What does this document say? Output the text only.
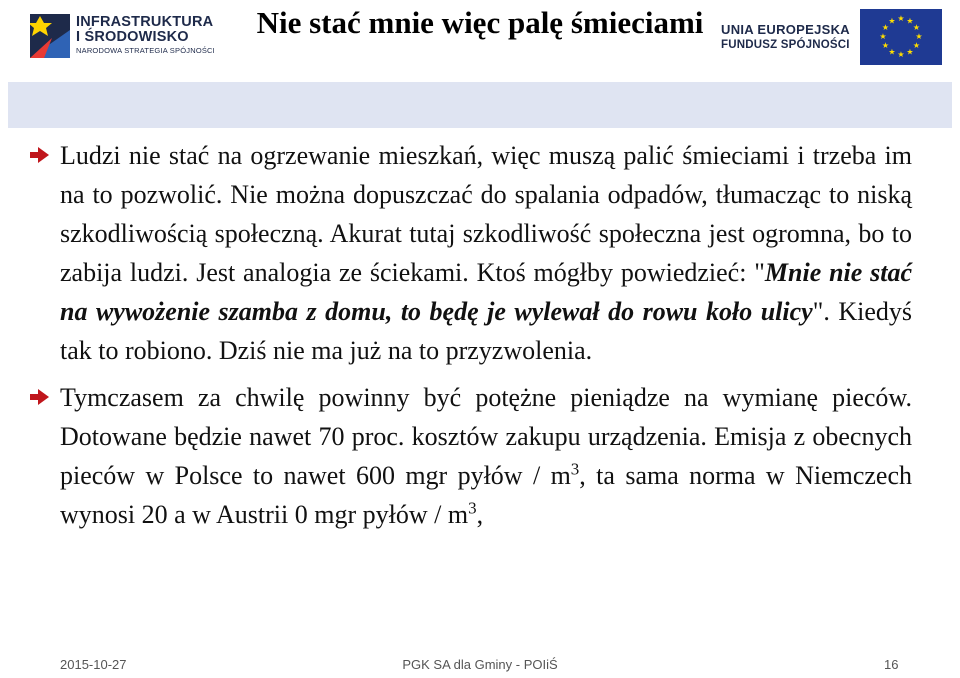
INFRASTRUKTURA
I ŚRODOWISKO
NARODOWA STRATEGIA SPÓJNOŚCI
UNIA EUROPEJSKA
FUNDUSZ SPÓJNOŚCI
★ ★
★
★
★
★
★
★
★
★
★
★
Nie stać mnie więc palę śmieciami
Ludzi nie stać na ogrzewanie mieszkań, więc muszą palić śmieciami i trzeba im na to pozwolić. Nie można dopuszczać do spalania odpadów, tłumacząc to niską szkodliwością społeczną. Akurat tutaj szkodliwość społeczna jest ogromna, bo to zabija ludzi. Jest analogia ze ściekami. Ktoś mógłby powiedzieć: "Mnie nie stać na wywożenie szamba z domu, to będę je wylewał do rowu koło ulicy". Kiedyś tak to robiono. Dziś nie ma już na to przyzwolenia.
Tymczasem za chwilę powinny być potężne pieniądze na wymianę pieców. Dotowane będzie nawet 70 proc. kosztów zakupu urządzenia. Emisja z obecnych pieców w Polsce to nawet 600 mgr pyłów / $m^3$, ta sama norma w Niemczech wynosi 20 a w Austrii 0 mgr pyłów / $m^3$,
2015-10-27	PGK SA dla Gminy - POIiŚ	16
